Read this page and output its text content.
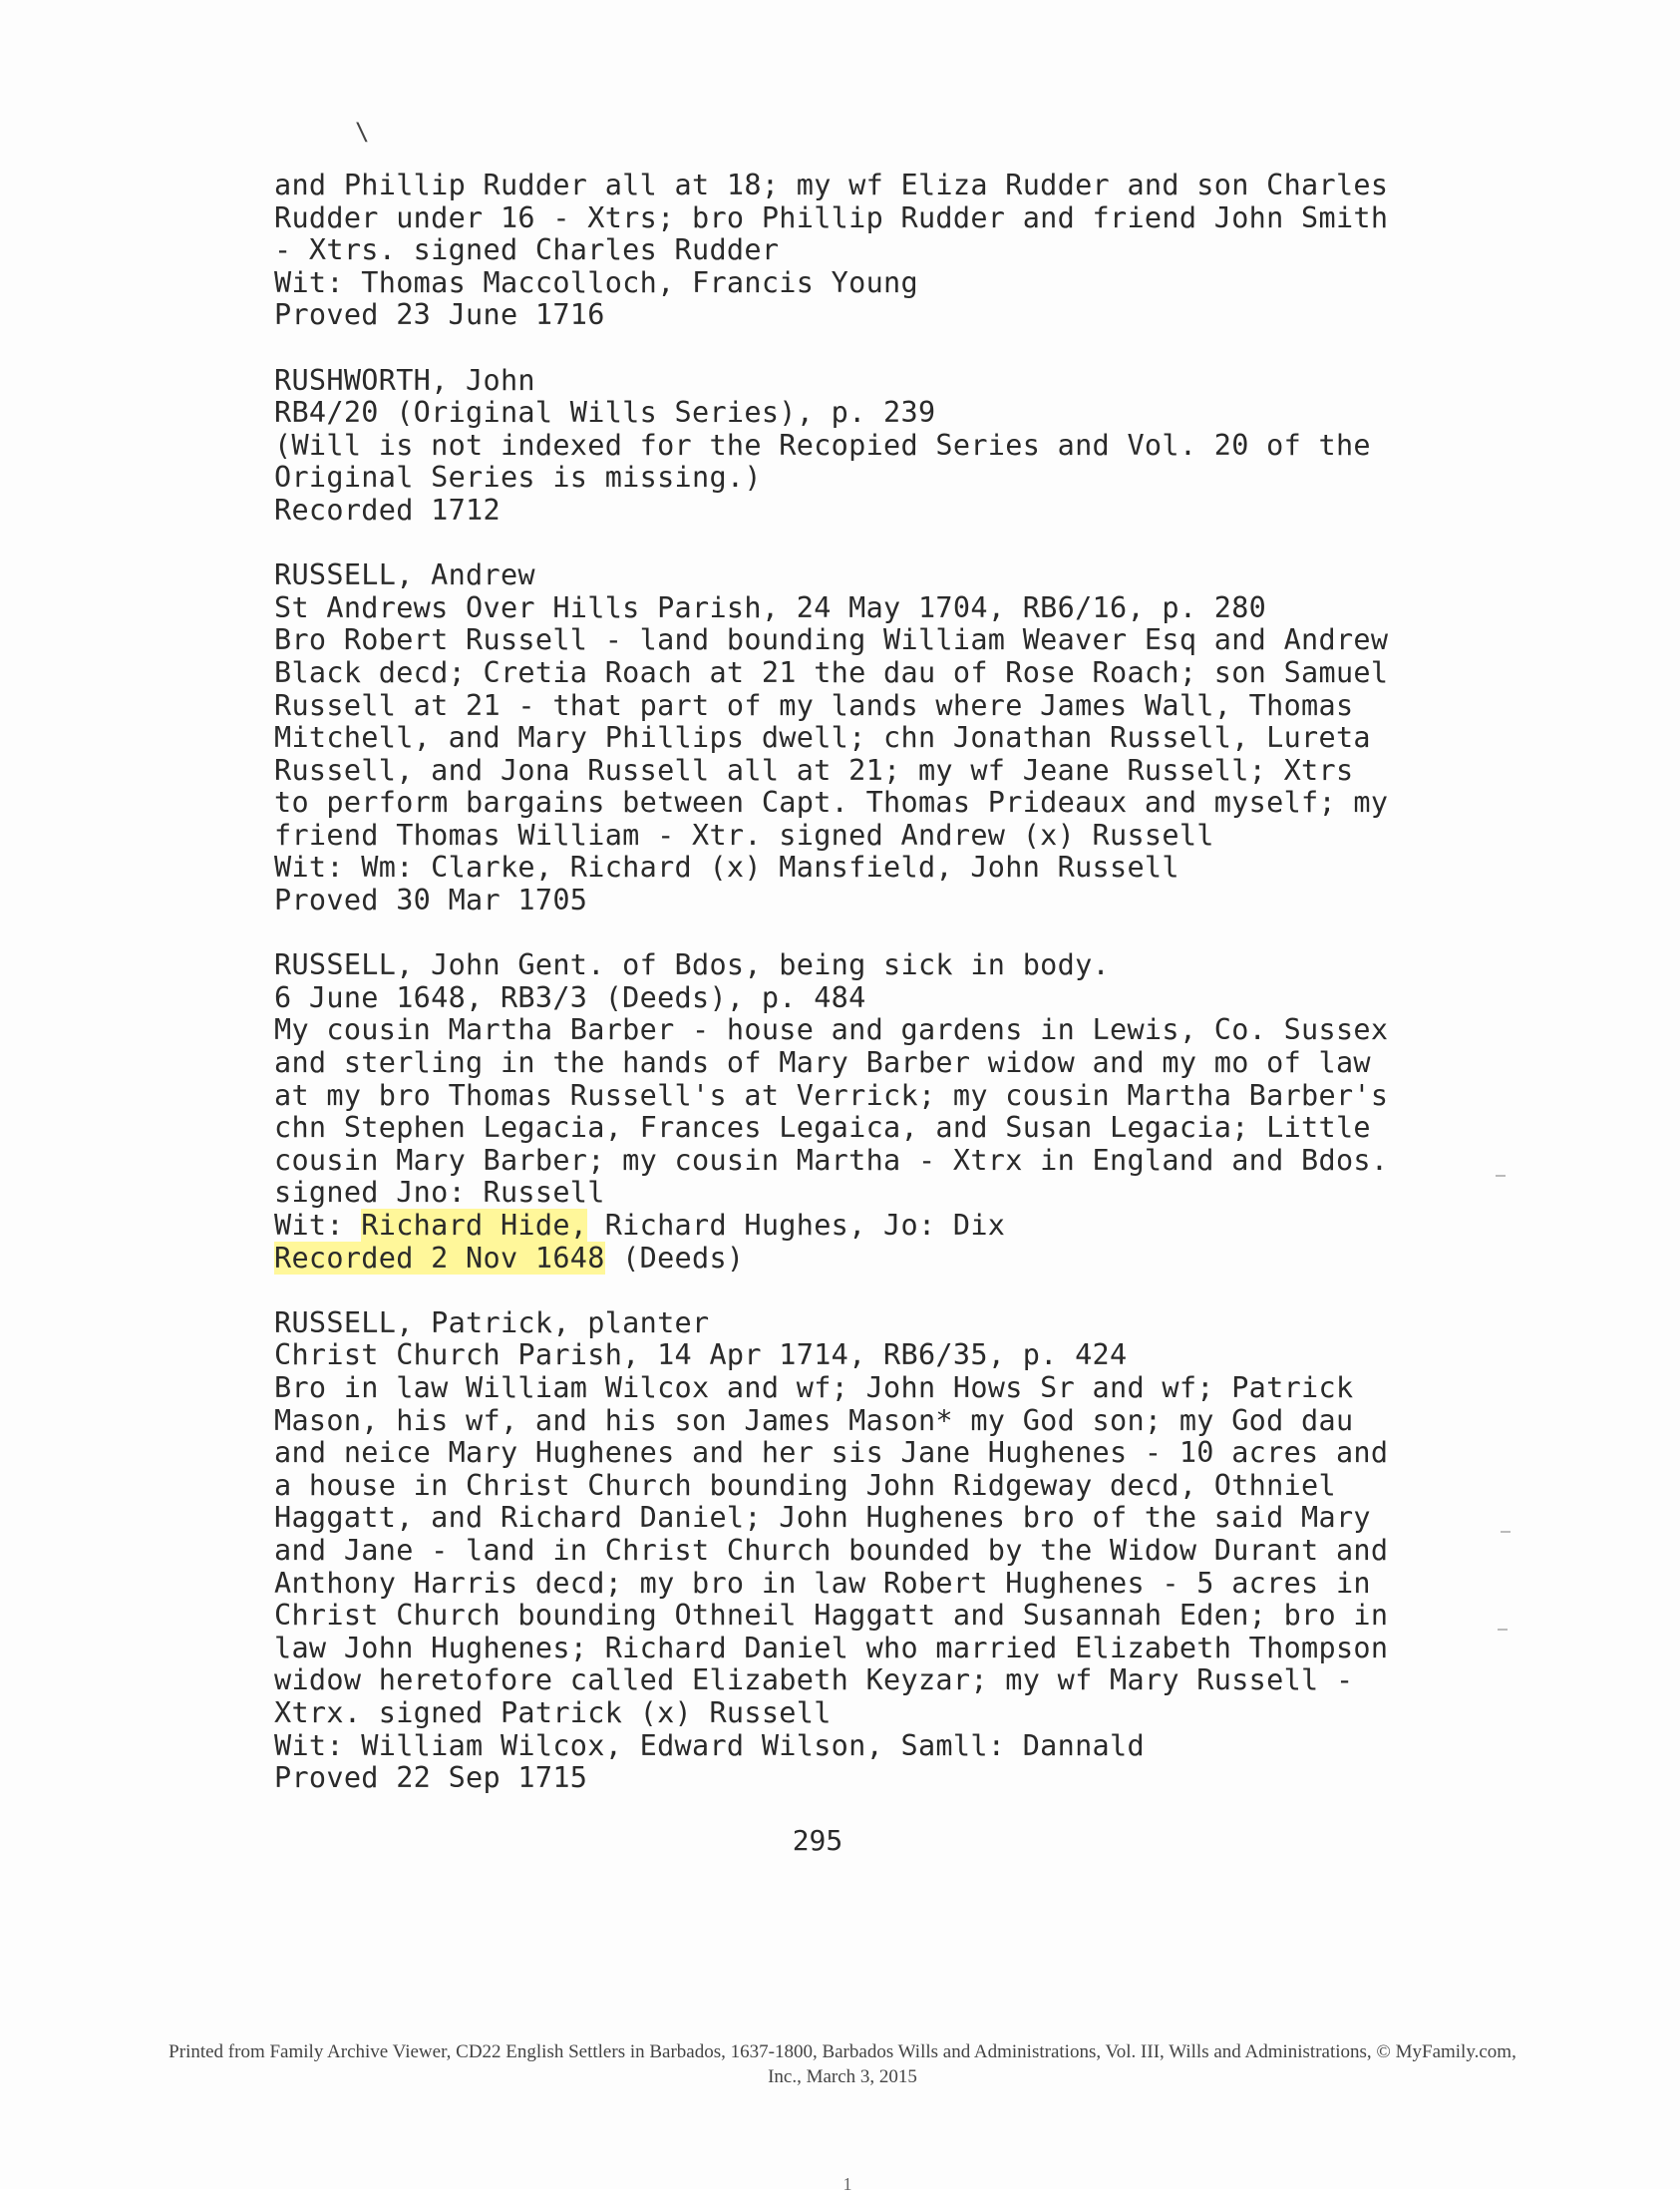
\
and Phillip Rudder all at 18; my wf Eliza Rudder and son Charles
Rudder under 16 - Xtrs; bro Phillip Rudder and friend John Smith
- Xtrs. signed Charles Rudder
Wit: Thomas Maccolloch, Francis Young
Proved 23 June 1716
RUSHWORTH, John
RB4/20 (Original Wills Series), p. 239
(Will is not indexed for the Recopied Series and Vol. 20 of the
Original Series is missing.)
Recorded 1712
RUSSELL, Andrew
St Andrews Over Hills Parish, 24 May 1704, RB6/16, p. 280
Bro Robert Russell - land bounding William Weaver Esq and Andrew
Black decd; Cretia Roach at 21 the dau of Rose Roach; son Samuel
Russell at 21 - that part of my lands where James Wall, Thomas
Mitchell, and Mary Phillips dwell; chn Jonathan Russell, Lureta
Russell, and Jona Russell all at 21; my wf Jeane Russell; Xtrs
to perform bargains between Capt. Thomas Prideaux and myself; my
friend Thomas William - Xtr. signed Andrew (x) Russell
Wit: Wm: Clarke, Richard (x) Mansfield, John Russell
Proved 30 Mar 1705
RUSSELL, John Gent. of Bdos, being sick in body.
6 June 1648, RB3/3 (Deeds), p. 484
My cousin Martha Barber - house and gardens in Lewis, Co. Sussex
and sterling in the hands of Mary Barber widow and my mo of law
at my bro Thomas Russell's at Verrick; my cousin Martha Barber's
chn Stephen Legacia, Frances Legaica, and Susan Legacia; Little
cousin Mary Barber; my cousin Martha - Xtrx in England and Bdos.
signed Jno: Russell
Wit: Richard Hide, Richard Hughes, Jo: Dix
Recorded 2 Nov 1648 (Deeds)
RUSSELL, Patrick, planter
Christ Church Parish, 14 Apr 1714, RB6/35, p. 424
Bro in law William Wilcox and wf; John Hows Sr and wf; Patrick
Mason, his wf, and his son James Mason* my God son; my God dau
and neice Mary Hughenes and her sis Jane Hughenes - 10 acres and
a house in Christ Church bounding John Ridgeway decd, Othniel
Haggatt, and Richard Daniel; John Hughenes bro of the said Mary
and Jane - land in Christ Church bounded by the Widow Durant and
Anthony Harris decd; my bro in law Robert Hughenes - 5 acres in
Christ Church bounding Othneil Haggatt and Susannah Eden; bro in
law John Hughenes; Richard Daniel who married Elizabeth Thompson
widow heretofore called Elizabeth Keyzar; my wf Mary Russell -
Xtrx. signed Patrick (x) Russell
Wit: William Wilcox, Edward Wilson, Samll: Dannald
Proved 22 Sep 1715
295
Printed from Family Archive Viewer, CD22 English Settlers in Barbados, 1637-1800, Barbados Wills and Administrations, Vol. III, Wills and Administrations, © MyFamily.com,
Inc., March 3, 2015
1
